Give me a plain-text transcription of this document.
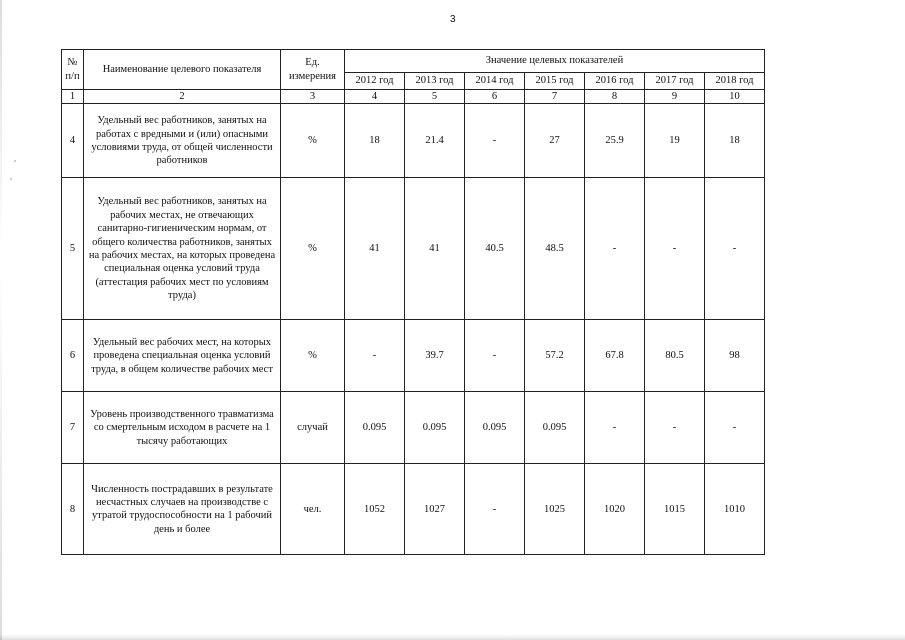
3
№ п/п	Наименование целевого показателя	Ед. измерения	Значение целевых показателей						
			2012 год	2013 год	2014 год	2015 год	2016 год	2017 год	2018 год
1	2	3	4	5	6	7	8	9	10
4	Удельный вес работников, занятых на работах с вредными и (или) опасными условиями труда, от общей численности работников	%	18	21.4	-	27	25.9	19	18
5	Удельный вес работников, занятых на рабочих местах, не отвечающих санитарно-гигиеническим нормам, от общего количества работников, занятых на рабочих местах, на которых проведена специальная оценка условий труда (аттестация рабочих мест по условиям труда)	%	41	41	40.5	48.5	-	-	-
6	Удельный вес рабочих мест, на которых проведена специальная оценка условий труда, в общем количестве рабочих мест	%	-	39.7	-	57.2	67.8	80.5	98
7	Уровень производственного травматизма со смертельным исходом в расчете на 1 тысячу работающих	случай	0.095	0.095	0.095	0.095	-	-	-
8	Численность пострадавших в результате несчастных случаев на производстве с утратой трудоспособности на 1 рабочий день и более	чел.	1052	1027	-	1025	1020	1015	1010
